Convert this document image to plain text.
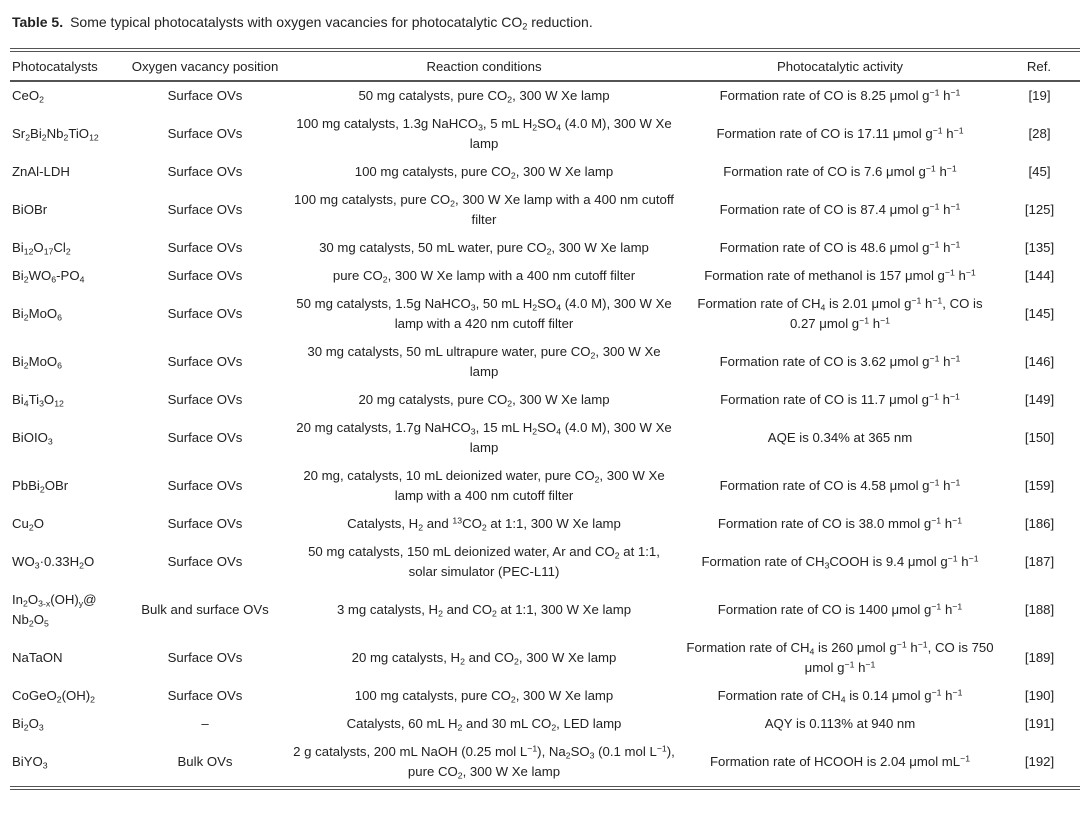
Table 5. Some typical photocatalysts with oxygen vacancies for photocatalytic $CO_2$ reduction.
Photocatalysts	Oxygen vacancy position	Reaction conditions	Photocatalytic activity	Ref.
CeO$_2$	Surface OVs	50 mg catalysts, pure $CO_2$, 300 W Xe lamp	Formation rate of CO is 8.25 μmol $g^{-1}$ $h^{-1}$	[19]
$Sr_2Bi_2Nb_2TiO_{12}$	Surface OVs	100 mg catalysts, 1.3g NaHCO$_3$, 5 mL $H_2SO_4$ (4.0 M), 300 W Xe lamp	Formation rate of CO is 17.11 μmol $g^{-1}$ $h^{-1}$	[28]
ZnAl-LDH	Surface OVs	100 mg catalysts, pure $CO_2$, 300 W Xe lamp	Formation rate of CO is 7.6 μmol $g^{-1}$ $h^{-1}$	[45]
BiOBr	Surface OVs	100 mg catalysts, pure $CO_2$, 300 W Xe lamp with a 400 nm cutoff filter	Formation rate of CO is 87.4 μmol $g^{-1}$ $h^{-1}$	[125]
$Bi_{12}O_{17}Cl_2$	Surface OVs	30 mg catalysts, 50 mL water, pure $CO_2$, 300 W Xe lamp	Formation rate of CO is 48.6 μmol $g^{-1}$ $h^{-1}$	[135]
$Bi_2WO_6-PO_4$	Surface OVs	pure $CO_2$, 300 W Xe lamp with a 400 nm cutoff filter	Formation rate of methanol is 157 μmol $g^{-1}$ $h^{-1}$	[144]
$Bi_2MoO_6$	Surface OVs	50 mg catalysts, 1.5g NaHCO$_3$, 50 mL $H_2SO_4$ (4.0 M), 300 W Xe lamp with a 420 nm cutoff filter	Formation rate of $CH_4$ is 2.01 μmol $g^{-1}$ $h^{-1}$, CO is 0.27 μmol $g^{-1}$ $h^{-1}$	[145]
$Bi_2MoO_6$	Surface OVs	30 mg catalysts, 50 mL ultrapure water, pure $CO_2$, 300 W Xe lamp	Formation rate of CO is 3.62 μmol $g^{-1}$ $h^{-1}$	[146]
$Bi_4Ti_3O_{12}$	Surface OVs	20 mg catalysts, pure $CO_2$, 300 W Xe lamp	Formation rate of CO is 11.7 μmol $g^{-1}$ $h^{-1}$	[149]
BiOIO$_3$	Surface OVs	20 mg catalysts, 1.7g NaHCO$_3$, 15 mL $H_2SO_4$ (4.0 M), 300 W Xe lamp	AQE is 0.34% at 365 nm	[150]
PbBi$_2$OBr	Surface OVs	20 mg, catalysts, 10 mL deionized water, pure $CO_2$, 300 W Xe lamp with a 400 nm cutoff filter	Formation rate of CO is 4.58 μmol $g^{-1}$ $h^{-1}$	[159]
$Cu_2O$	Surface OVs	Catalysts, $H_2$ and $^{13}CO_2$ at 1:1, 300 W Xe lamp	Formation rate of CO is 38.0 mmol $g^{-1}$ $h^{-1}$	[186]
$WO_3\cdot 0.33H_2O$	Surface OVs	50 mg catalysts, 150 mL deionized water, Ar and $CO_2$ at 1:1, solar simulator (PEC-L11)	Formation rate of $CH_3COOH$ is 9.4 μmol $g^{-1}$ $h^{-1}$	[187]
$In_2O_{3-x}(OH)_y@Nb_2O_5$	Bulk and surface OVs	3 mg catalysts, $H_2$ and $CO_2$ at 1:1, 300 W Xe lamp	Formation rate of CO is 1400 μmol $g^{-1}$ $h^{-1}$	[188]
NaTaON	Surface OVs	20 mg catalysts, $H_2$ and $CO_2$, 300 W Xe lamp	Formation rate of $CH_4$ is 260 μmol $g^{-1}$ $h^{-1}$, CO is 750 μmol $g^{-1}$ $h^{-1}$	[189]
$CoGeO_2(OH)_2$	Surface OVs	100 mg catalysts, pure $CO_2$, 300 W Xe lamp	Formation rate of $CH_4$ is 0.14 μmol $g^{-1}$ $h^{-1}$	[190]
$Bi_2O_3$	–	Catalysts, 60 mL $H_2$ and 30 mL $CO_2$, LED lamp	AQY is 0.113% at 940 nm	[191]
BiYO$_3$	Bulk OVs	2 g catalysts, 200 mL NaOH (0.25 mol $L^{-1}$), $Na_2SO_3$ (0.1 mol $L^{-1}$), pure $CO_2$, 300 W Xe lamp	Formation rate of HCOOH is 2.04 μmol $mL^{-1}$	[192]
